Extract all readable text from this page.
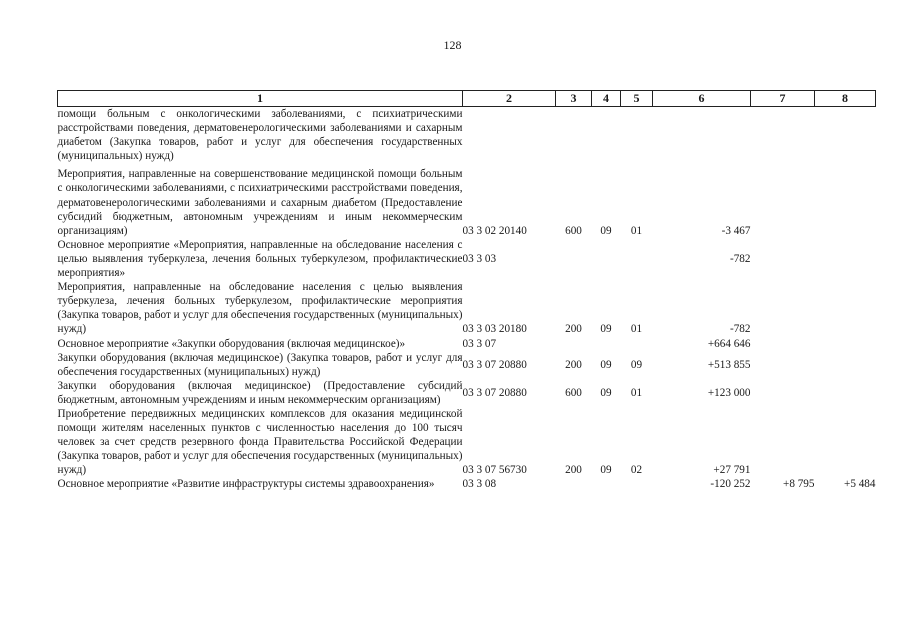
128
1	2	3	4	5	6	7	8
помощи больным с онкологическими заболеваниями, с психиатрическими расстройствами поведения, дерматовенерологическими заболеваниями и сахарным диабетом (Закупка товаров, работ и услуг для обеспечения государственных (муниципальных) нужд)							

Мероприятия, направленные на совершенствование медицинской помощи больным с онкологическими заболеваниями, с психиатрическими расстройствами поведения, дерматовенерологическими заболеваниями и сахарным диабетом (Предоставление субсидий бюджетным, автономным учреждениям и иным некоммерческим организациям)	03 3 02 20140	600	09	01	-3 467		
Основное мероприятие «Мероприятия, направленные на обследование населения с целью выявления туберкулеза, лечения больных туберкулезом, профилактические мероприятия»	03 3 03				-782		
Мероприятия, направленные на обследование населения с целью выявления туберкулеза, лечения больных туберкулезом, профилактические мероприятия (Закупка товаров, работ и услуг для обеспечения государственных (муниципальных) нужд)	03 3 03 20180	200	09	01	-782		
Основное мероприятие «Закупки оборудования (включая медицинское)»	03 3 07				+664 646		
Закупки оборудования (включая медицинское) (Закупка товаров, работ и услуг для обеспечения государственных (муниципальных) нужд)	03 3 07 20880	200	09	09	+513 855		
Закупки оборудования (включая медицинское) (Предоставление субсидий бюджетным, автономным учреждениям и иным некоммерческим организациям)	03 3 07 20880	600	09	01	+123 000		
Приобретение передвижных медицинских комплексов для оказания медицинской помощи жителям населенных пунктов с численностью населения до 100 тысяч человек за счет средств резервного фонда Правительства Российской Федерации (Закупка товаров, работ и услуг для обеспечения государственных (муниципальных) нужд)	03 3 07 56730	200	09	02	+27 791		
Основное мероприятие «Развитие инфраструктуры системы здравоохранения»	03 3 08				-120 252	+8 795	+5 484
